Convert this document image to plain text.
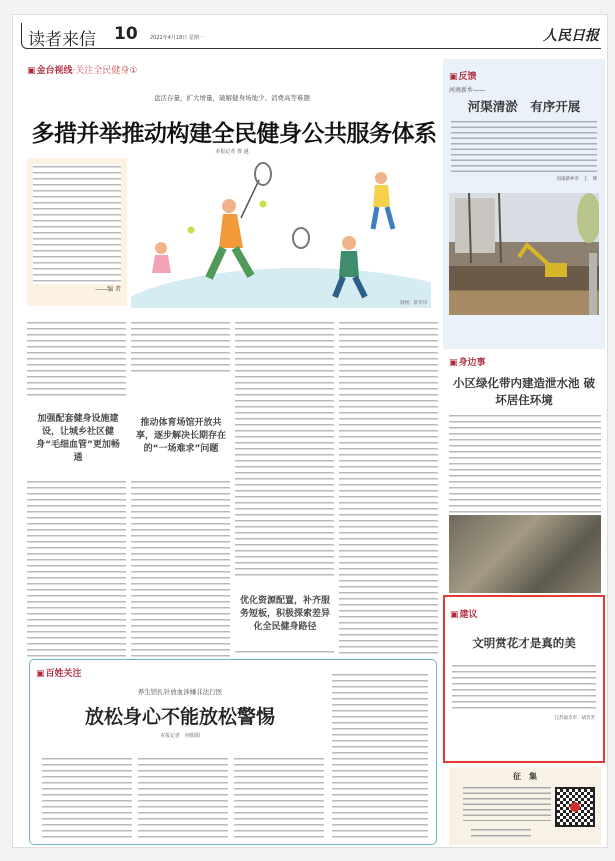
读者来信 10 2022年4月18日 星期一	人民日报
▣ 金台视线·关注全民健身①
盘活存量，扩大增量，破解健身场地少、消费高等难题
多措并举推动构建全民健身公共服务体系
本报记者 曹 越
——编 者
制图：蔡华伟
加强配套健身设施建设，让城乡社区健身“毛细血管”更加畅通
推动体育场馆开放共享，逐步解决长期存在的“一场难求”问题
优化资源配置，补齐服务短板，积极探索差异化全民健身路径
▣ 百姓关注
养生馆扎针放血涉嫌非法行医
放松身心不能放松警惕
本报记者　何娟娟
▣ 反馈
河南新乡——
河渠清淤　有序开展
河南新乡市　王　博
▣ 身边事
小区绿化带内建造泄水池 破坏居住环境
▣ 建议
文明赏花才是真的美
江苏南京市　胡芳芳
征　集
